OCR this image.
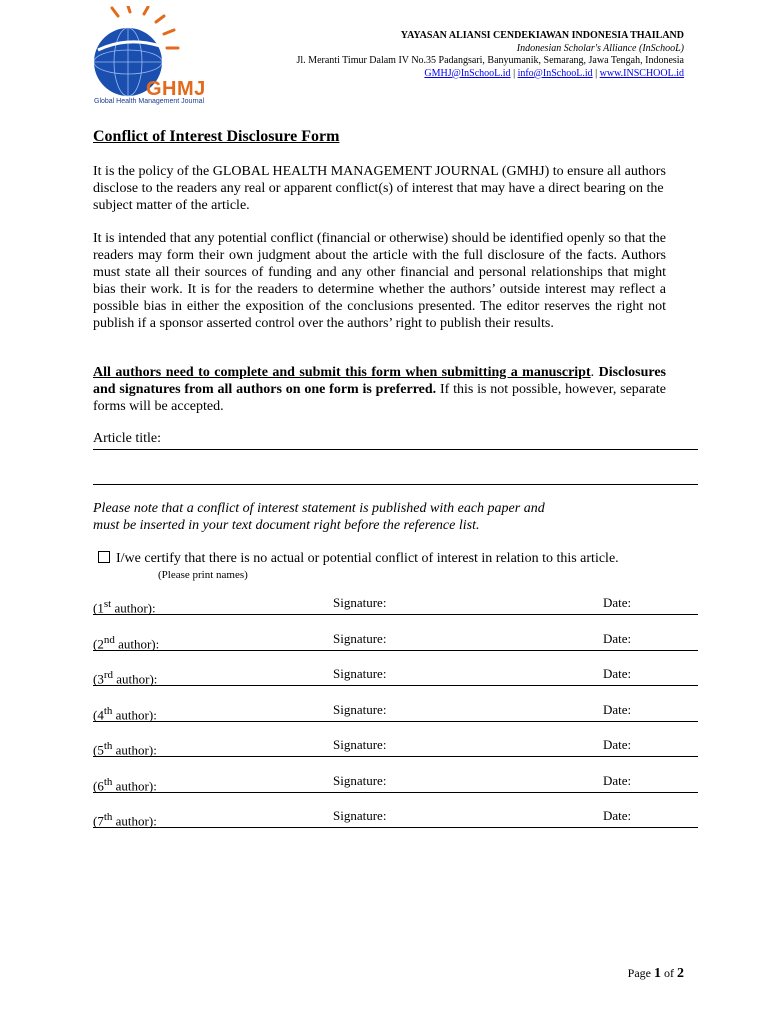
GHMJ
Global Health Management Journal
YAYASAN ALIANSI CENDEKIAWAN INDONESIA THAILAND
Indonesian Scholar's Alliance (InSchooL)
Jl. Meranti Timur Dalam IV No.35 Padangsari, Banyumanik, Semarang, Jawa Tengah, Indonesia
GMHJ@InSchooL.id | info@InSchooL.id | www.INSCHOOL.id
Conflict of Interest Disclosure Form
It is the policy of the GLOBAL HEALTH MANAGEMENT JOURNAL (GMHJ) to ensure all authors disclose to the readers any real or apparent conflict(s) of interest that may have a direct bearing on the subject matter of the article.
It is intended that any potential conflict (financial or otherwise) should be identified openly so that the readers may form their own judgment about the article with the full disclosure of the facts. Authors must state all their sources of funding and any other financial and personal relationships that might bias their work. It is for the readers to determine whether the authors’ outside interest may reflect a possible bias in either the exposition of the conclusions presented. The editor reserves the right not publish if a sponsor asserted control over the authors’ right to publish their results.
All authors need to complete and submit this form when submitting a manuscript. Disclosures and signatures from all authors on one form is preferred. If this is not possible, however, separate forms will be accepted.
Article title:
Please note that a conflict of interest statement is published with each paper and
must be inserted in your text document right before the reference list.
I/we certify that there is no actual or potential conflict of interest in relation to this article.
(Please print names)
(1st author):	Signature:	Date:
(2nd author):	Signature:	Date:
(3rd author):	Signature:	Date:
(4th author):	Signature:	Date:
(5th author):	Signature:	Date:
(6th author):	Signature:	Date:
(7th author):	Signature:	Date:
Page 1 of 2
